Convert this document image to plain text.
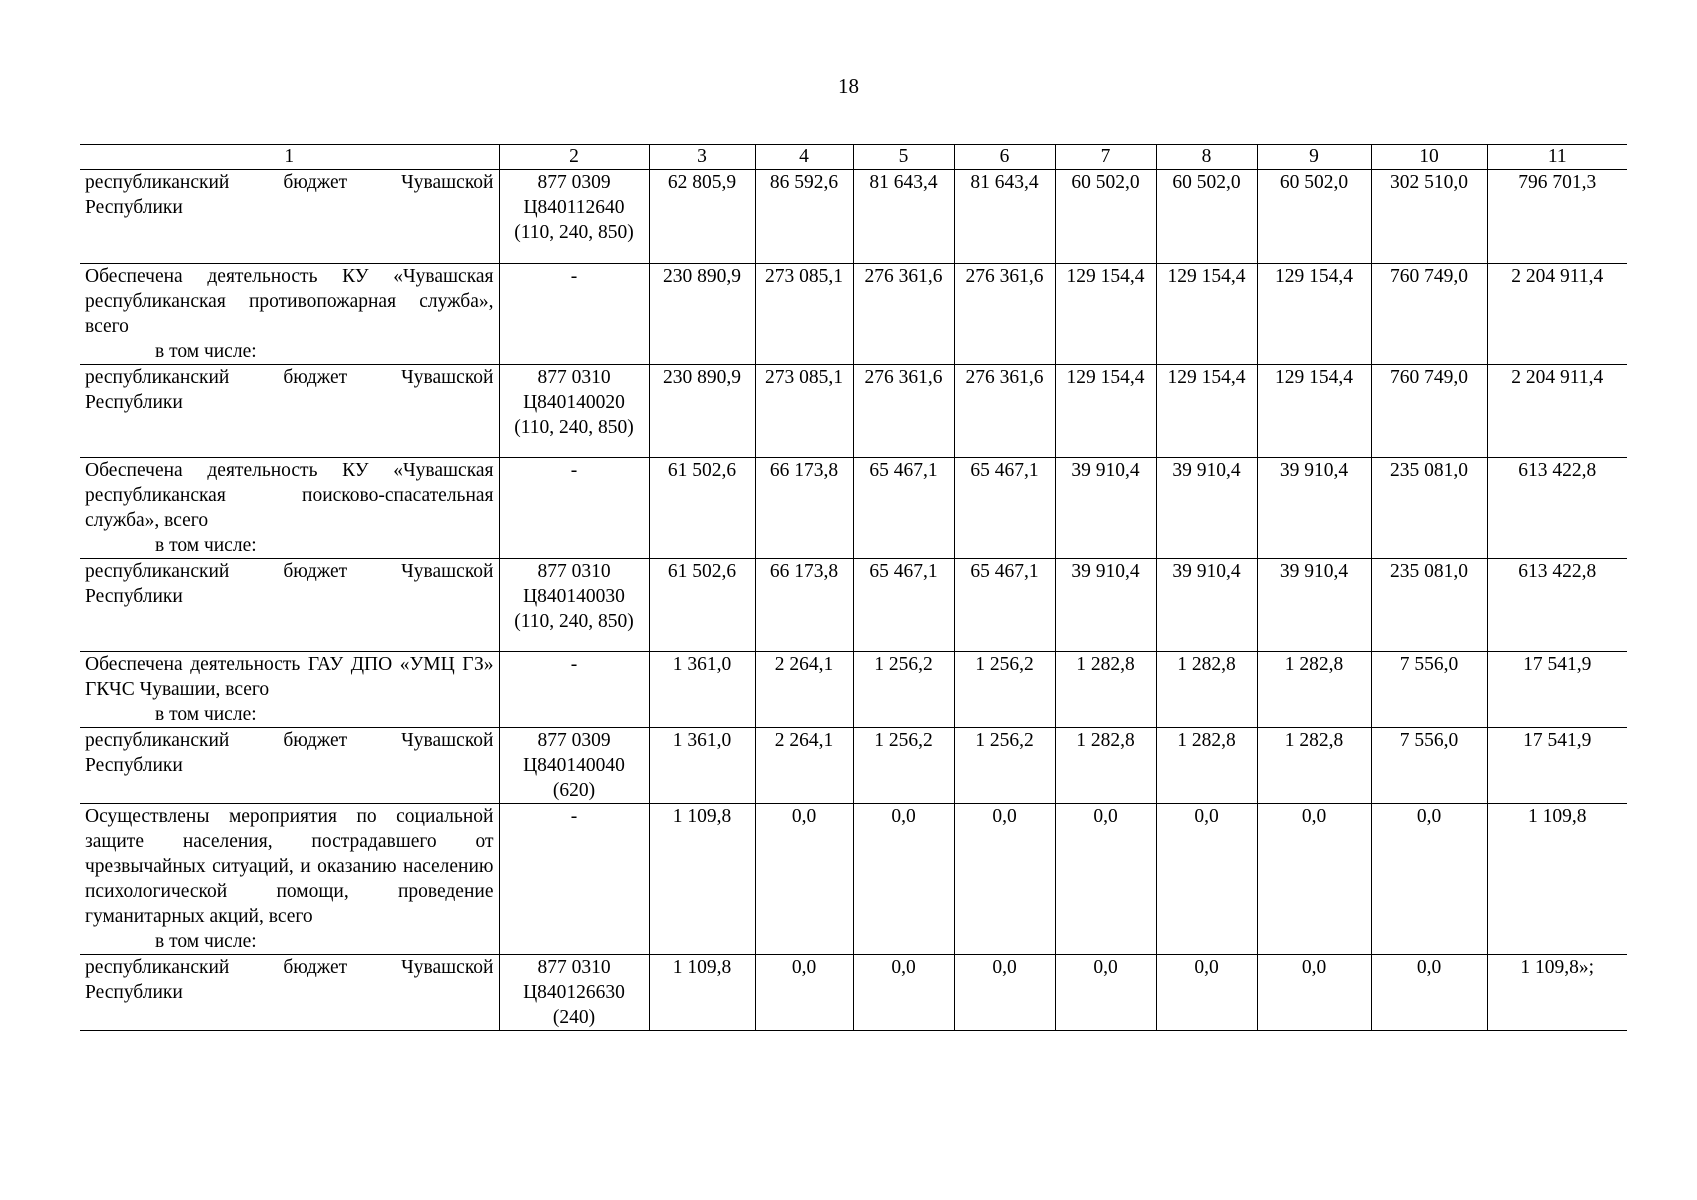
18
1	2	3	4	5	6	7	8	9	10	11

республиканский бюджет Чувашской Республики	877 0309 Ц840112640 (110, 240, 850)	62 805,9	86 592,6	81 643,4	81 643,4	60 502,0	60 502,0	60 502,0	302 510,0	796 701,3

Обеспечена деятельность КУ «Чувашская республиканская противопожарная служба», всего
в том числе:	-	230 890,9	273 085,1	276 361,6	276 361,6	129 154,4	129 154,4	129 154,4	760 749,0	2 204 911,4

республиканский бюджет Чувашской Республики	877 0310 Ц840140020 (110, 240, 850)	230 890,9	273 085,1	276 361,6	276 361,6	129 154,4	129 154,4	129 154,4	760 749,0	2 204 911,4

Обеспечена деятельность КУ «Чувашская республиканская поисково-спасательная служба», всего
в том числе:	-	61 502,6	66 173,8	65 467,1	65 467,1	39 910,4	39 910,4	39 910,4	235 081,0	613 422,8

республиканский бюджет Чувашской Республики	877 0310 Ц840140030 (110, 240, 850)	61 502,6	66 173,8	65 467,1	65 467,1	39 910,4	39 910,4	39 910,4	235 081,0	613 422,8

Обеспечена деятельность ГАУ ДПО «УМЦ ГЗ» ГКЧС Чувашии, всего
в том числе:	-	1 361,0	2 264,1	1 256,2	1 256,2	1 282,8	1 282,8	1 282,8	7 556,0	17 541,9

республиканский бюджет Чувашской Республики	877 0309 Ц840140040 (620)	1 361,0	2 264,1	1 256,2	1 256,2	1 282,8	1 282,8	1 282,8	7 556,0	17 541,9

Осуществлены мероприятия по социальной защите населения, пострадавшего от чрезвычайных ситуаций, и оказанию населению психологической помощи, проведение гуманитарных акций, всего
в том числе:	-	1 109,8	0,0	0,0	0,0	0,0	0,0	0,0	0,0	1 109,8

республиканский бюджет Чувашской Республики	877 0310 Ц840126630 (240)	1 109,8	0,0	0,0	0,0	0,0	0,0	0,0	0,0	1 109,8»;
